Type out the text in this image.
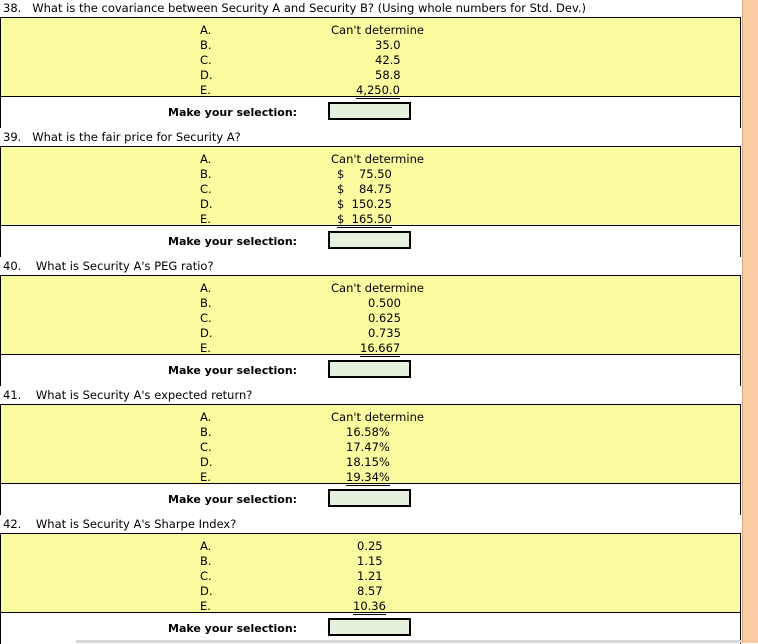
38. What is the covariance between Security A and Security B? (Using whole numbers for Std. Dev.)
A.
B.
C.
D.
E.
Can't determine
35.0
42.5
58.8
4,250.0
Make your selection:
39. What is the fair price for Security A?
A.
B.
C.
D.
E.
Can't determine
$    75.50
$    84.75
$  150.25
$  165.50
Make your selection:
40. What is Security A's PEG ratio?
A.
B.
C.
D.
E.
Can't determine
0.500
0.625
0.735
16.667
Make your selection:
41. What is Security A's expected return?
A.
B.
C.
D.
E.
Can't determine
16.58%
17.47%
18.15%
19.34%
Make your selection:
42. What is Security A's Sharpe Index?
A.
B.
C.
D.
E.
0.25
1.15
1.21
8.57
10.36
Make your selection:
